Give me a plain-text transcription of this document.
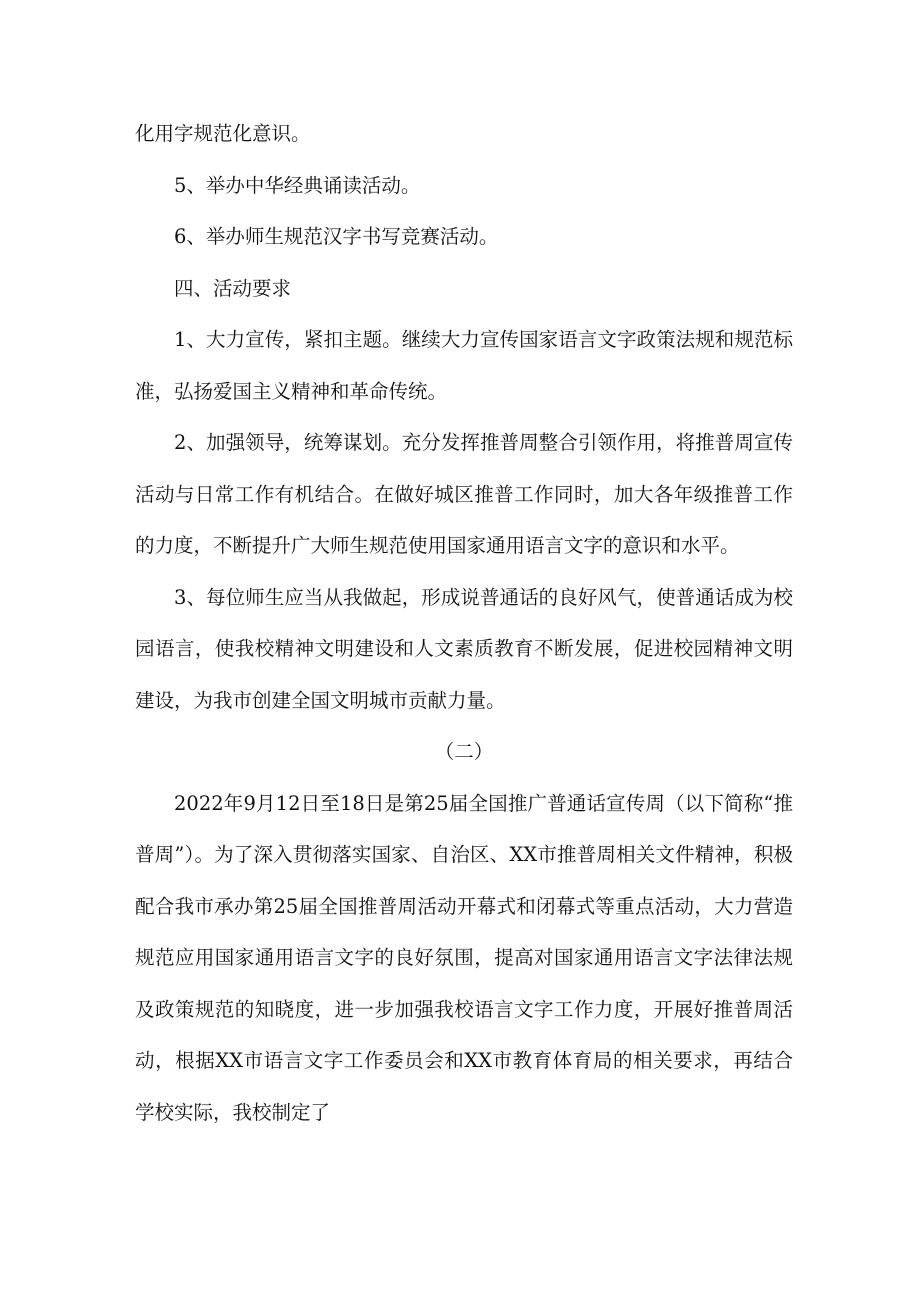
化用字规范化意识。

5、举办中华经典诵读活动。

6、举办师生规范汉字书写竞赛活动。

四、活动要求

1、大力宣传，紧扣主题。继续大力宣传国家语言文字政策法规和规范标准，弘扬爱国主义精神和革命传统。

2、加强领导，统筹谋划。充分发挥推普周整合引领作用，将推普周宣传活动与日常工作有机结合。在做好城区推普工作同时，加大各年级推普工作的力度，不断提升广大师生规范使用国家通用语言文字的意识和水平。

3、每位师生应当从我做起，形成说普通话的良好风气，使普通话成为校园语言，使我校精神文明建设和人文素质教育不断发展，促进校园精神文明建设，为我市创建全国文明城市贡献力量。

（二）

2022年9月12日至18日是第25届全国推广普通话宣传周（以下简称“推普周”）。为了深入贯彻落实国家、自治区、XX市推普周相关文件精神，积极配合我市承办第25届全国推普周活动开幕式和闭幕式等重点活动，大力营造规范应用国家通用语言文字的良好氛围，提高对国家通用语言文字法律法规及政策规范的知晓度，进一步加强我校语言文字工作力度，开展好推普周活动，根据XX市语言文字工作委员会和XX市教育体育局的相关要求，再结合学校实际，我校制定了
